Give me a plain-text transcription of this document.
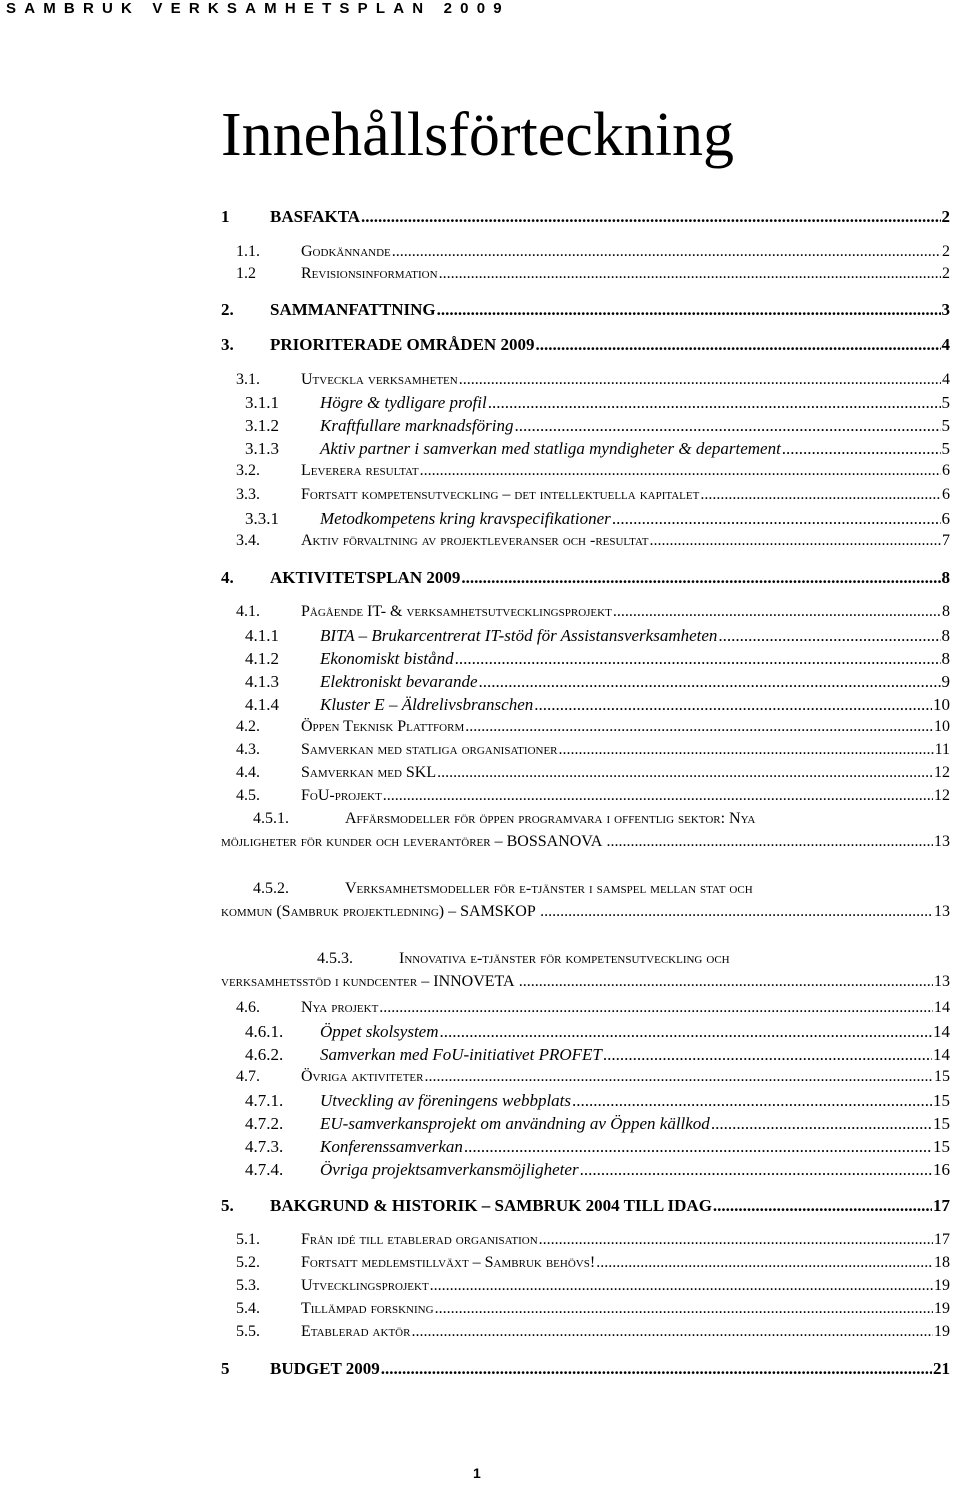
SAMBRUK VERKSAMHETSPLAN 2009
Innehållsförteckning
1	BASFAKTA .....	2
1.1.	Godkännande .....	2
1.2	Revisionsinformation .....	2
2.	SAMMANFATTNING .....	3
3.	PRIORITERADE OMRÅDEN 2009 .....	4
3.1.	Utveckla verksamheten .....	4
3.1.1	Högre & tydligare profil .....	5
3.1.2	Kraftfullare marknadsföring .....	5
3.1.3	Aktiv partner i samverkan med statliga myndigheter & departement .....	5
3.2.	Leverera resultat .....	6
3.3.	Fortsatt kompetensutveckling – det intellektuella kapitalet .....	6
3.3.1	Metodkompetens kring kravspecifikationer .....	6
3.4.	Aktiv förvaltning av projektleveranser och -resultat .....	7
4.	AKTIVITETSPLAN 2009 .....	8
4.1.	Pågående IT- & verksamhetsutvecklingsprojekt .....	8
4.1.1	BITA – Brukarcentrerat IT-stöd för Assistansverksamheten .....	8
4.1.2	Ekonomiskt bistånd .....	8
4.1.3	Elektroniskt bevarande .....	9
4.1.4	Kluster E – Äldrelivsbranschen .....	10
4.2.	Öppen Teknisk Plattform .....	10
4.3.	Samverkan med statliga organisationer .....	11
4.4.	Samverkan med SKL .....	12
4.5.	FoU-projekt .....	12
4.5.1.	Affärsmodeller för öppen programvara i offentlig sektor: Nya
möjligheter för kunder och leverantörer – BOSSANOVA .....	13
4.5.2.	Verksamhetsmodeller för e-tjänster i samspel mellan stat och
kommun (Sambruk projektledning) – SAMSKOP .....	13
4.5.3.	Innovativa e-tjänster för kompetensutveckling och
verksamhetsstöd i kundcenter – INNOVETA .....	13
4.6.	Nya projekt .....	14
4.6.1.	Öppet skolsystem .....	14
4.6.2.	Samverkan med FoU-initiativet PROFET .....	14
4.7.	Övriga aktiviteter .....	15
4.7.1.	Utveckling av föreningens webbplats .....	15
4.7.2.	EU-samverkansprojekt om användning av Öppen källkod .....	15
4.7.3.	Konferenssamverkan .....	15
4.7.4.	Övriga projektsamverkansmöjligheter .....	16
5.	BAKGRUND & HISTORIK – SAMBRUK 2004 TILL IDAG .....	17
5.1.	Från idé till etablerad organisation .....	17
5.2.	Fortsatt medlemstillväxt – Sambruk behövs! .....	18
5.3.	Utvecklingsprojekt .....	19
5.4.	Tillämpad forskning .....	19
5.5.	Etablerad aktör .....	19
5	BUDGET 2009 .....	21
1
